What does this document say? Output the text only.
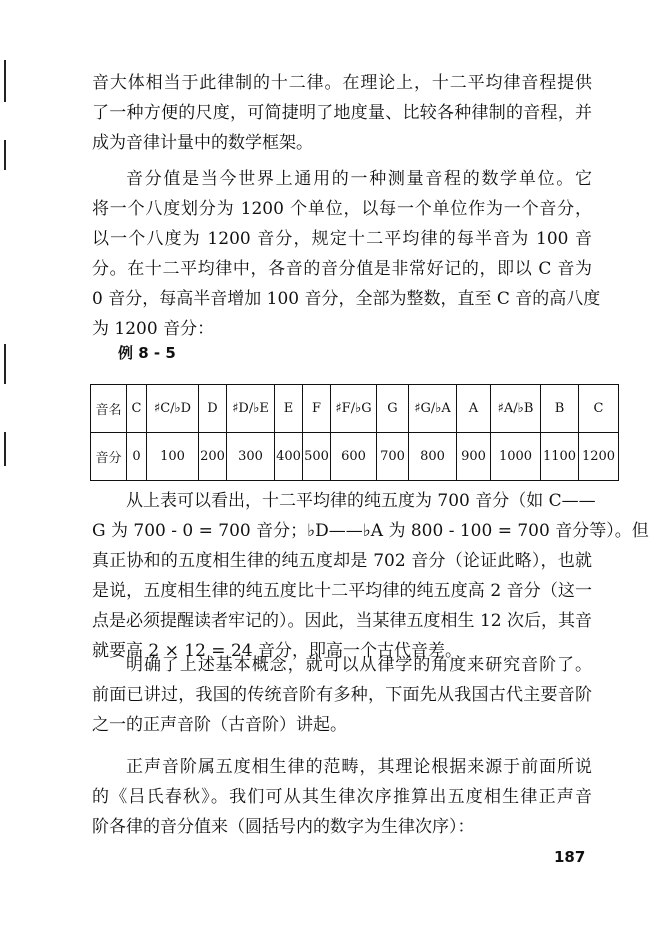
音大体相当于此律制的十二律。在理论上，十二平均律音程提供
了一种方便的尺度，可简捷明了地度量、比较各种律制的音程，并
成为音律计量中的数学框架。

音分值是当今世界上通用的一种测量音程的数学单位。它
将一个八度划分为 1200 个单位，以每一个单位作为一个音分，
以一个八度为 1200 音分，规定十二平均律的每半音为 100 音
分。在十二平均律中，各音的音分值是非常好记的，即以 C 音为
0 音分，每高半音增加 100 音分，全部为整数，直至 C 音的高八度
为 1200 音分：

例 8 - 5
音名	C	♯C/♭D	D	♯D/♭E	E	F	♯F/♭G	G	♯G/♭A	A	♯A/♭B	B	C
音分	0	100	200	300	400	500	600	700	800	900	1000	1100	1200

从上表可以看出，十二平均律的纯五度为 700 音分（如 C——
G 为 700 - 0 = 700 音分；♭D——♭A 为 800 - 100 = 700 音分等）。但
真正协和的五度相生律的纯五度却是 702 音分（论证此略），也就
是说，五度相生律的纯五度比十二平均律的纯五度高 2 音分（这一
点是必须提醒读者牢记的）。因此，当某律五度相生 12 次后，其音
就要高 2 × 12 = 24 音分，即高一个古代音差。

明确了上述基本概念，就可以从律学的角度来研究音阶了。
前面已讲过，我国的传统音阶有多种，下面先从我国古代主要音阶
之一的正声音阶（古音阶）讲起。

正声音阶属五度相生律的范畴，其理论根据来源于前面所说
的《吕氏春秋》。我们可从其生律次序推算出五度相生律正声音
阶各律的音分值来（圆括号内的数字为生律次序）：

187
